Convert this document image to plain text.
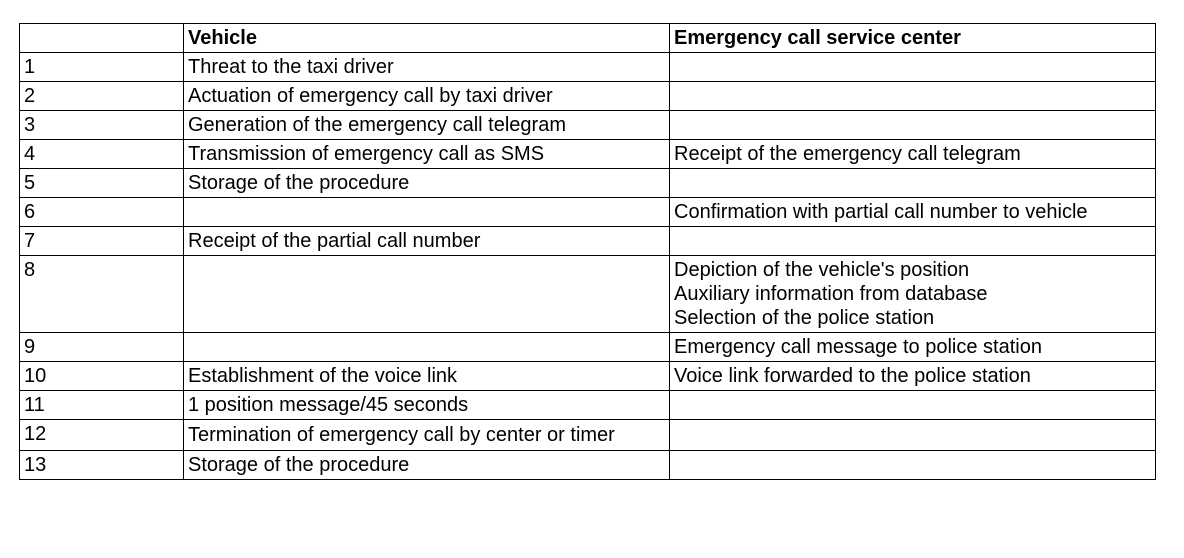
	Vehicle	Emergency call service center
1	Threat to the taxi driver	

2	Actuation of emergency call by taxi driver	

3	Generation of the emergency call telegram	

4	Transmission of emergency call as SMS	Receipt of the emergency call telegram

5	Storage of the procedure	

6		Confirmation with partial call number to vehicle

7	Receipt of the partial call number	

8		Depiction of the vehicle's position
Auxiliary information from database
Selection of the police station

9		Emergency call message to police station

10	Establishment of the voice link	Voice link forwarded to the police station

11	1 position message/45 seconds	

12	Termination of emergency call by center or timer	

13	Storage of the procedure	
